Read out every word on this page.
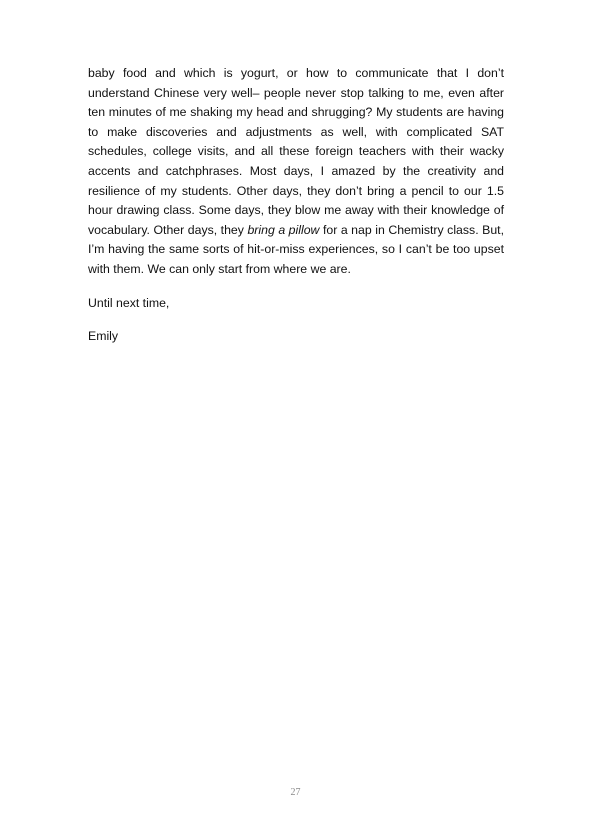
baby food and which is yogurt, or how to communicate that I don’t understand Chinese very well– people never stop talking to me, even after ten minutes of me shaking my head and shrugging? My students are having to make discoveries and adjustments as well, with complicated SAT schedules, college visits, and all these foreign teachers with their wacky accents and catchphrases. Most days, I amazed by the creativity and resilience of my students. Other days, they don’t bring a pencil to our 1.5 hour drawing class. Some days, they blow me away with their knowledge of vocabulary. Other days, they bring a pillow for a nap in Chemistry class. But, I’m having the same sorts of hit-or-miss experiences, so I can’t be too upset with them. We can only start from where we are.

Until next time,

Emily

27
